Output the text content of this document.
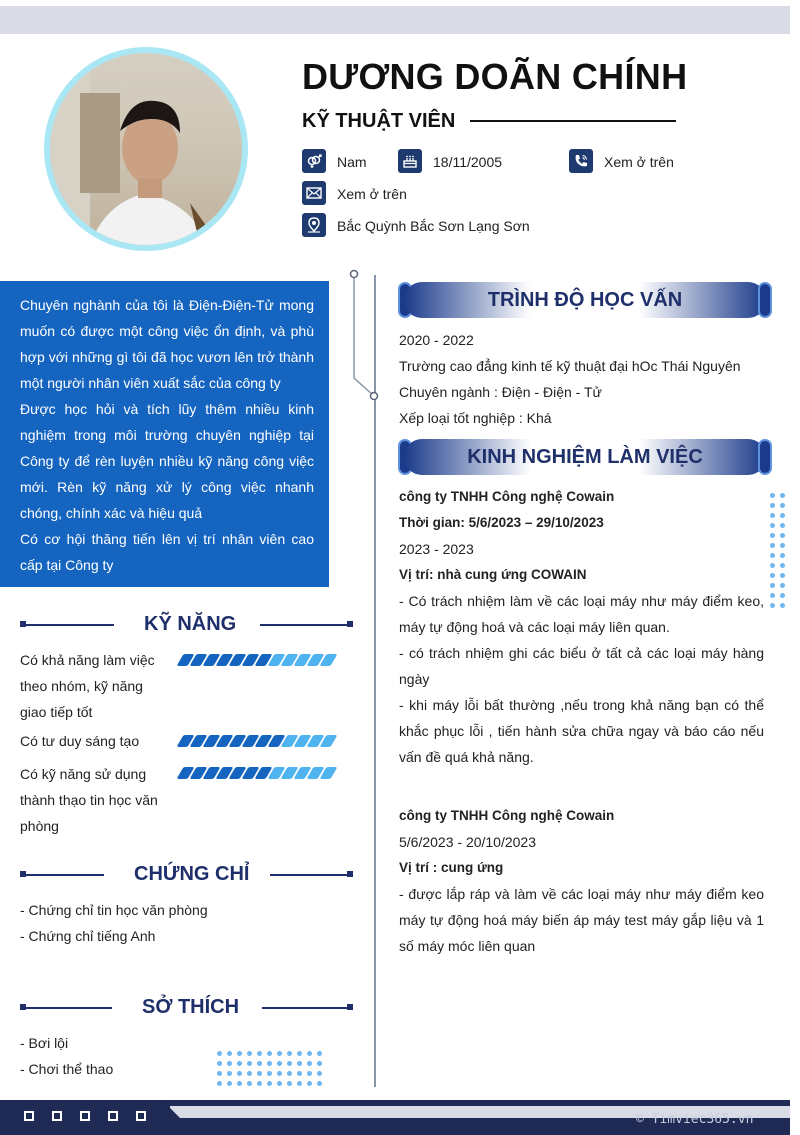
DƯƠNG DOÃN CHÍNH
KỸ THUẬT VIÊN
Nam	18/11/2005	Xem ở trên
Xem ở trên
Bắc Quỳnh Bắc Sơn Lạng Sơn

Chuyên nghành của tôi là Điện-Điện-Tử mong muốn có được một công việc ổn định, và phù hợp với những gì tôi đã học vươn lên trở thành một người nhân viên xuất sắc của công ty

Được học hỏi và tích lũy thêm nhiều kinh nghiệm trong môi trường chuyên nghiệp tại Công ty để rèn luyện nhiều kỹ năng công việc mới. Rèn kỹ năng xử lý công việc nhanh chóng, chính xác và hiệu quả

Có cơ hội thăng tiến lên vị trí nhân viên cao cấp tại Công ty

KỸ NĂNG
Có khả năng làm việc theo nhóm, kỹ năng giao tiếp tốt
Có tư duy sáng tạo
Có kỹ năng sử dụng thành thạo tin học văn phòng
CHỨNG CHỈ
- Chứng chỉ tin học văn phòng
- Chứng chỉ tiếng Anh
SỞ THÍCH
- Bơi lội
- Chơi thể thao
TRÌNH ĐỘ HỌC VẤN

2020 - 2022

Trường cao đẳng kinh tế kỹ thuật đại hOc Thái Nguyên

Chuyên ngành : Điện - Điện - Tử

Xếp loại tốt nghiệp : Khá

KINH NGHIỆM LÀM VIỆC

công ty TNHH Công nghệ Cowain

Thời gian: 5/6/2023 – 29/10/2023

2023 - 2023

Vị trí: nhà cung ứng COWAIN

- Có trách nhiệm làm về các loại máy như máy điểm keo, máy tự động hoá và các loại máy liên quan.

- có trách nhiệm ghi các biểu ở tất cả các loại máy hàng ngày

- khi máy lỗi bất thường ,nếu trong khả năng bạn có thể khắc phục lỗi , tiến hành sửa chữa ngay và báo cáo nếu vấn đề quá khả năng.

công ty TNHH Công nghệ Cowain

5/6/2023 - 20/10/2023

Vị trí : cung ứng

- được lắp ráp và làm về các loại máy như máy điểm keo máy tự động hoá máy biến áp máy test máy gắp liệu và 1 số máy móc liên quan

© Timviec365.vn
